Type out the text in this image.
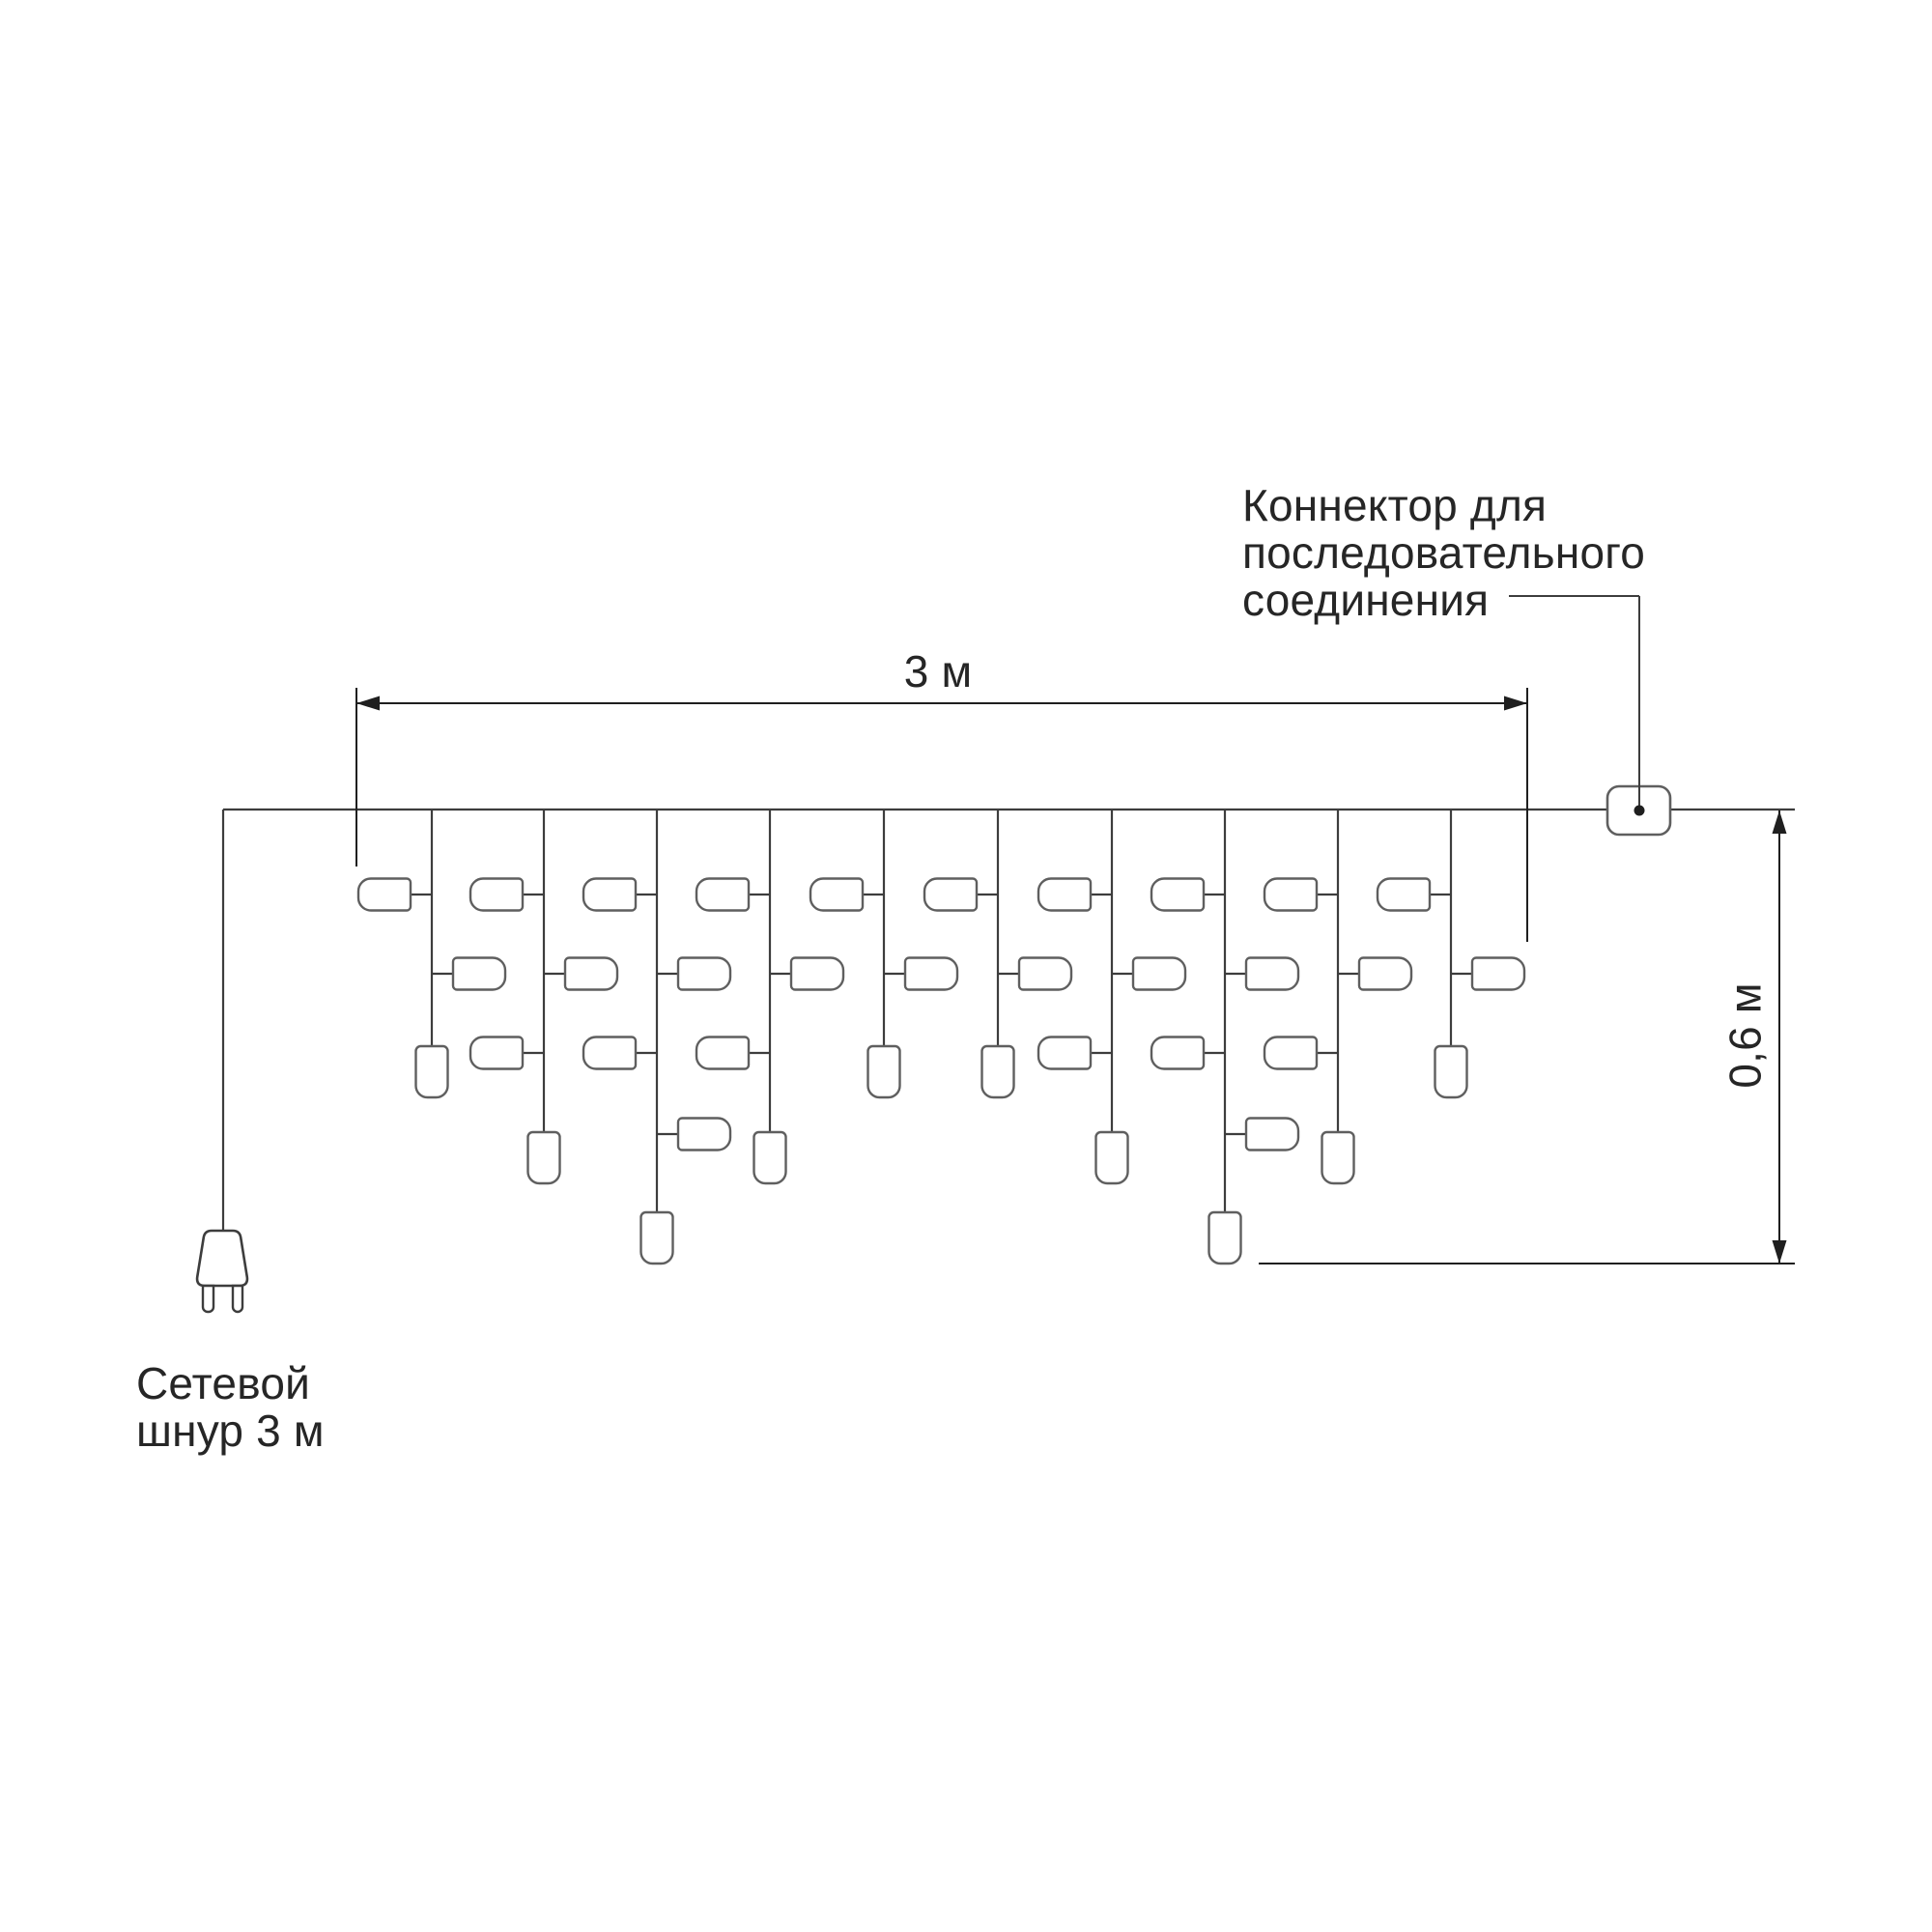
Коннектор для
последовательного
соединения
3 м
0,6 м
Сетевой
шнур 3 м
